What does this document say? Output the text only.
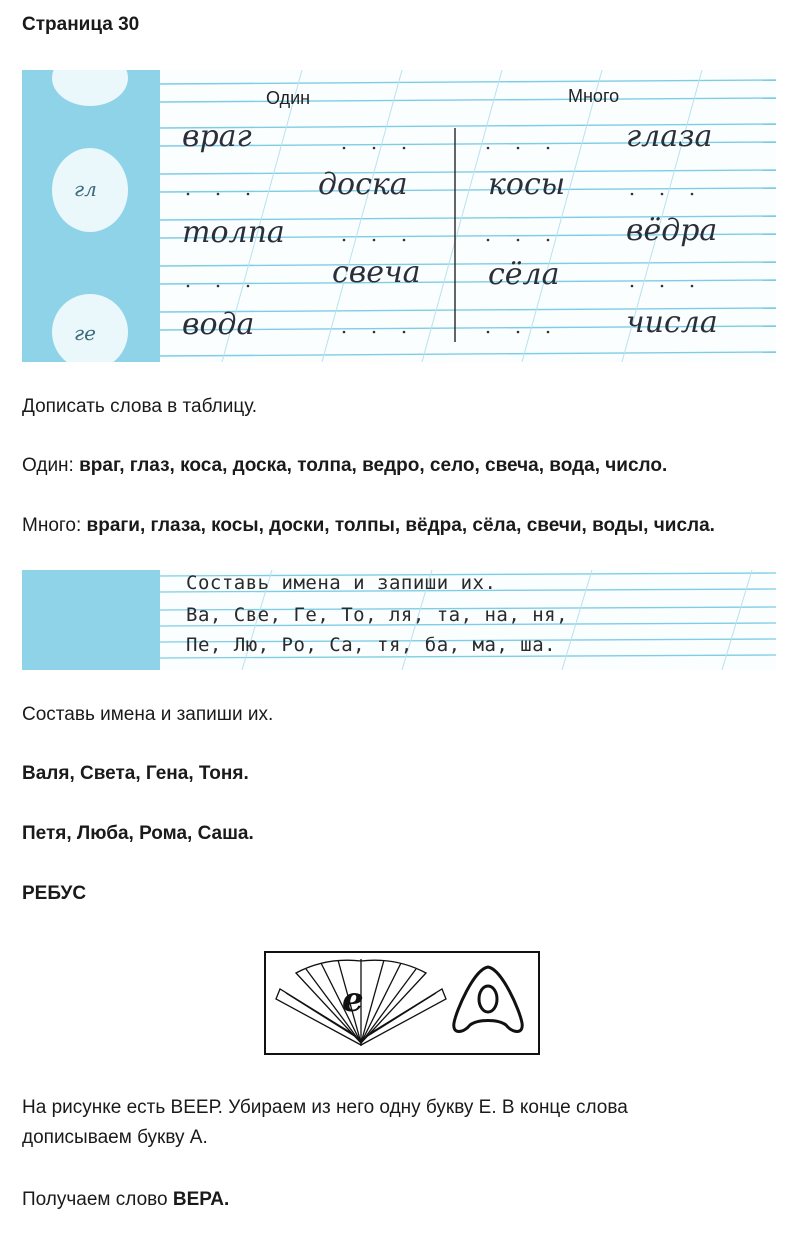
Страница 30
гл
ге
Один	Много
враг
толпа
вода
доска
свеча
косы
сёла
глаза
вёдра
числа
Дописать слова в таблицу.
Один: враг, глаз, коса, доска, толпа, ведро, село, свеча, вода, число.
Много: враги, глаза, косы, доски, толпы, вёдра, сёла, свечи, воды, числа.
Составь имена и запиши их.
Ва, Све, Ге, То, ля, та, на, ня,
Пе, Лю, Ро, Са, тя, ба, ма, ша.
Составь имена и запиши их.
Валя, Света, Гена, Тоня.
Петя, Люба, Рома, Саша.
РЕБУС
е
На рисунке есть ВЕЕР. Убираем из него одну букву Е. В конце слова
дописываем букву А.
Получаем слово ВЕРА.
